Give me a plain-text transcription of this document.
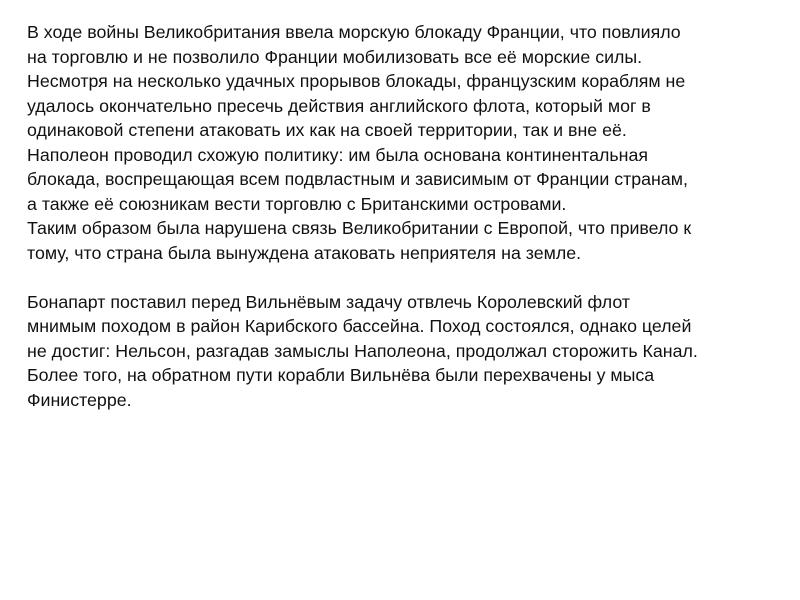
В ходе войны Великобритания ввела морскую блокаду Франции, что повлияло
на торговлю и не позволило Франции мобилизовать все её морские силы.
Несмотря на несколько удачных прорывов блокады, французским кораблям не
удалось окончательно пресечь действия английского флота, который мог в
одинаковой степени атаковать их как на своей территории, так и вне её.
Наполеон проводил схожую политику: им была основана континентальная
блокада, воспрещающая всем подвластным и зависимым от Франции странам,
а также её союзникам вести торговлю с Британскими островами.
Таким образом была нарушена связь Великобритании с Европой, что привело к
тому, что страна была вынуждена атаковать неприятеля на земле.
Бонапарт поставил перед Вильнёвым задачу отвлечь Королевский флот
мнимым походом в район Карибского бассейна. Поход состоялся, однако целей
не достиг: Нельсон, разгадав замыслы Наполеона, продолжал сторожить Канал.
Более того, на обратном пути корабли Вильнёва были перехвачены у мыса
Финистерре.
